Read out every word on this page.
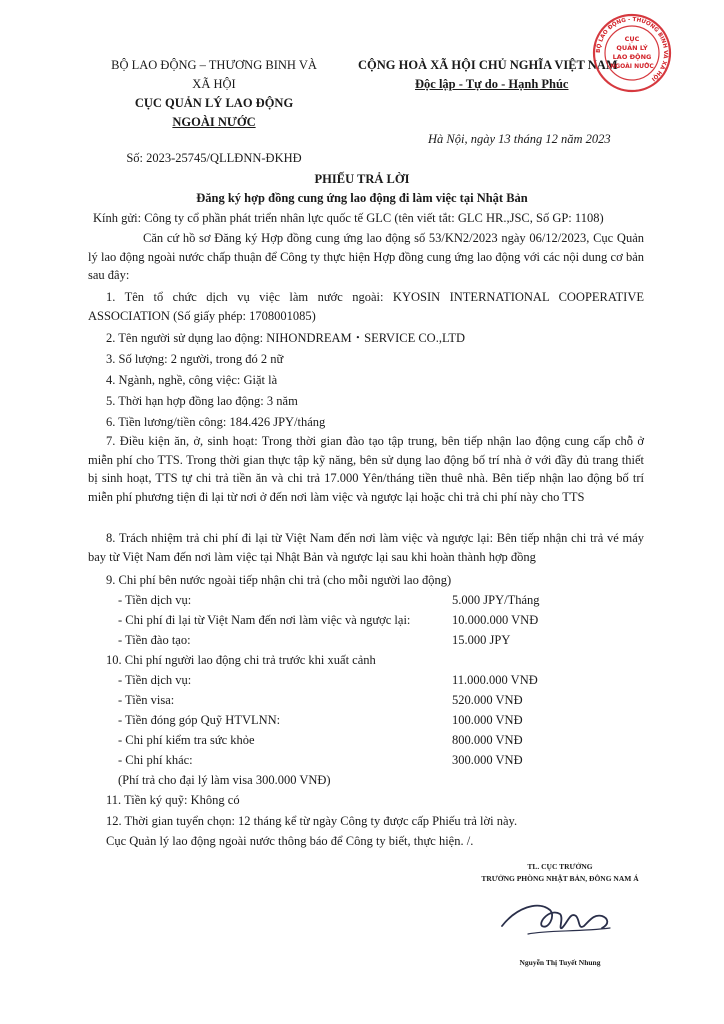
BỘ LAO ĐỘNG – THƯƠNG BINH VÀ
XÃ HỘI
CỤC QUẢN LÝ LAO ĐỘNG
NGOÀI NƯỚC
Số: 2023-25745/QLLĐNN-ĐKHĐ
CỘNG HOÀ XÃ HỘI CHỦ NGHĨA VIỆT NAM
Độc lập - Tự do - Hạnh Phúc
Hà Nội, ngày 13 tháng 12 năm 2023
BỘ LAO ĐỘNG - THƯƠNG BINH VÀ XÃ HỘI
CỤC
QUẢN LÝ
LAO ĐỘNG
NGOÀI NƯỚC
PHIẾU TRẢ LỜI
Đăng ký hợp đồng cung ứng lao động đi làm việc tại Nhật Bản
Kính gửi: Công ty cổ phần phát triển nhân lực quốc tế GLC (tên viết tắt: GLC HR.,JSC, Số GP: 1108)
Căn cứ hồ sơ Đăng ký Hợp đồng cung ứng lao động số 53/KN2/2023 ngày 06/12/2023, Cục Quản lý lao động ngoài nước chấp thuận để Công ty thực hiện Hợp đồng cung ứng lao động với các nội dung cơ bản sau đây:
1. Tên tổ chức dịch vụ việc làm nước ngoài: KYOSIN INTERNATIONAL COOPERATIVE ASSOCIATION (Số giấy phép: 1708001085)
2. Tên người sử dụng lao động: NIHONDREAM・SERVICE CO.,LTD
3. Số lượng: 2 người, trong đó 2 nữ
4. Ngành, nghề, công việc: Giặt là
5. Thời hạn hợp đồng lao động: 3 năm
6. Tiền lương/tiền công: 184.426 JPY/tháng
7. Điều kiện ăn, ở, sinh hoạt: Trong thời gian đào tạo tập trung, bên tiếp nhận lao động cung cấp chỗ ở miễn phí cho TTS. Trong thời gian thực tập kỹ năng, bên sử dụng lao động bố trí nhà ở với đầy đủ trang thiết bị sinh hoạt, TTS tự chi trả tiền ăn và chi trả 17.000 Yên/tháng tiền thuê nhà. Bên tiếp nhận lao động bố trí miễn phí phương tiện đi lại từ nơi ở đến nơi làm việc và ngược lại hoặc chi trả chi phí này cho TTS
8. Trách nhiệm trả chi phí đi lại từ Việt Nam đến nơi làm việc và ngược lại: Bên tiếp nhận chi trả vé máy bay từ Việt Nam đến nơi làm việc tại Nhật Bản và ngược lại sau khi hoàn thành hợp đồng
9. Chi phí bên nước ngoài tiếp nhận chi trả (cho mỗi người lao động)
- Tiền dịch vụ:	5.000 JPY/Tháng
- Chi phí đi lại từ Việt Nam đến nơi làm việc và ngược lại:	10.000.000 VNĐ
- Tiền đào tạo:	15.000 JPY
10. Chi phí người lao động chi trả trước khi xuất cảnh
- Tiền dịch vụ:	11.000.000 VNĐ
- Tiền visa:	520.000 VNĐ
- Tiền đóng góp Quỹ HTVLNN:	100.000 VNĐ
- Chi phí kiểm tra sức khỏe	800.000 VNĐ
- Chi phí khác:	300.000 VNĐ
(Phí trả cho đại lý làm visa 300.000 VNĐ)
11. Tiền ký quỹ: Không có
12. Thời gian tuyển chọn: 12 tháng kể từ ngày Công ty được cấp Phiếu trả lời này.
Cục Quản lý lao động ngoài nước thông báo để Công ty biết, thực hiện. /.
TL. CỤC TRƯỞNG
TRƯỞNG PHÒNG NHẬT BẢN, ĐÔNG NAM Á
Nguyễn Thị Tuyết Nhung
